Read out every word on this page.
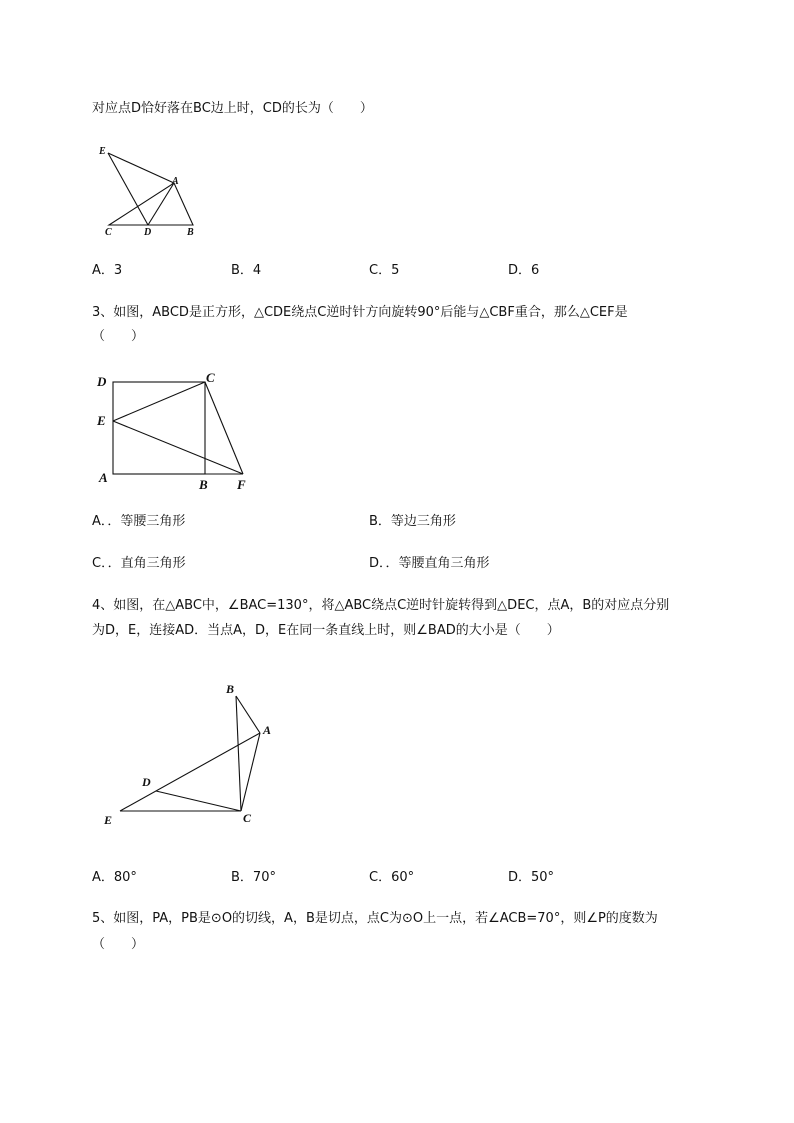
对应点D恰好落在BC边上时，CD的长为（　　）
E
A
C	D	B
A．3	B．4	C．5	D．6
3、如图，ABCD是正方形，△CDE绕点C逆时针方向旋转90°后能与△CBF重合，那么△CEF是
（　　）
D	C
E
A	B F
A．．等腰三角形	B．等边三角形
C．．直角三角形	D．．等腰直角三角形
4、如图，在△ABC中，∠BAC=130°，将△ABC绕点C逆时针旋转得到△DEC，点A，B的对应点分别
为D，E，连接AD．当点A，D，E在同一条直线上时，则∠BAD的大小是（　　）
B
A
D
E	C
A．80°	B．70°	C．60°	D．50°
5、如图，PA，PB是⊙O的切线，A，B是切点，点C为⊙O上一点，若∠ACB=70°，则∠P的度数为
（　　）
